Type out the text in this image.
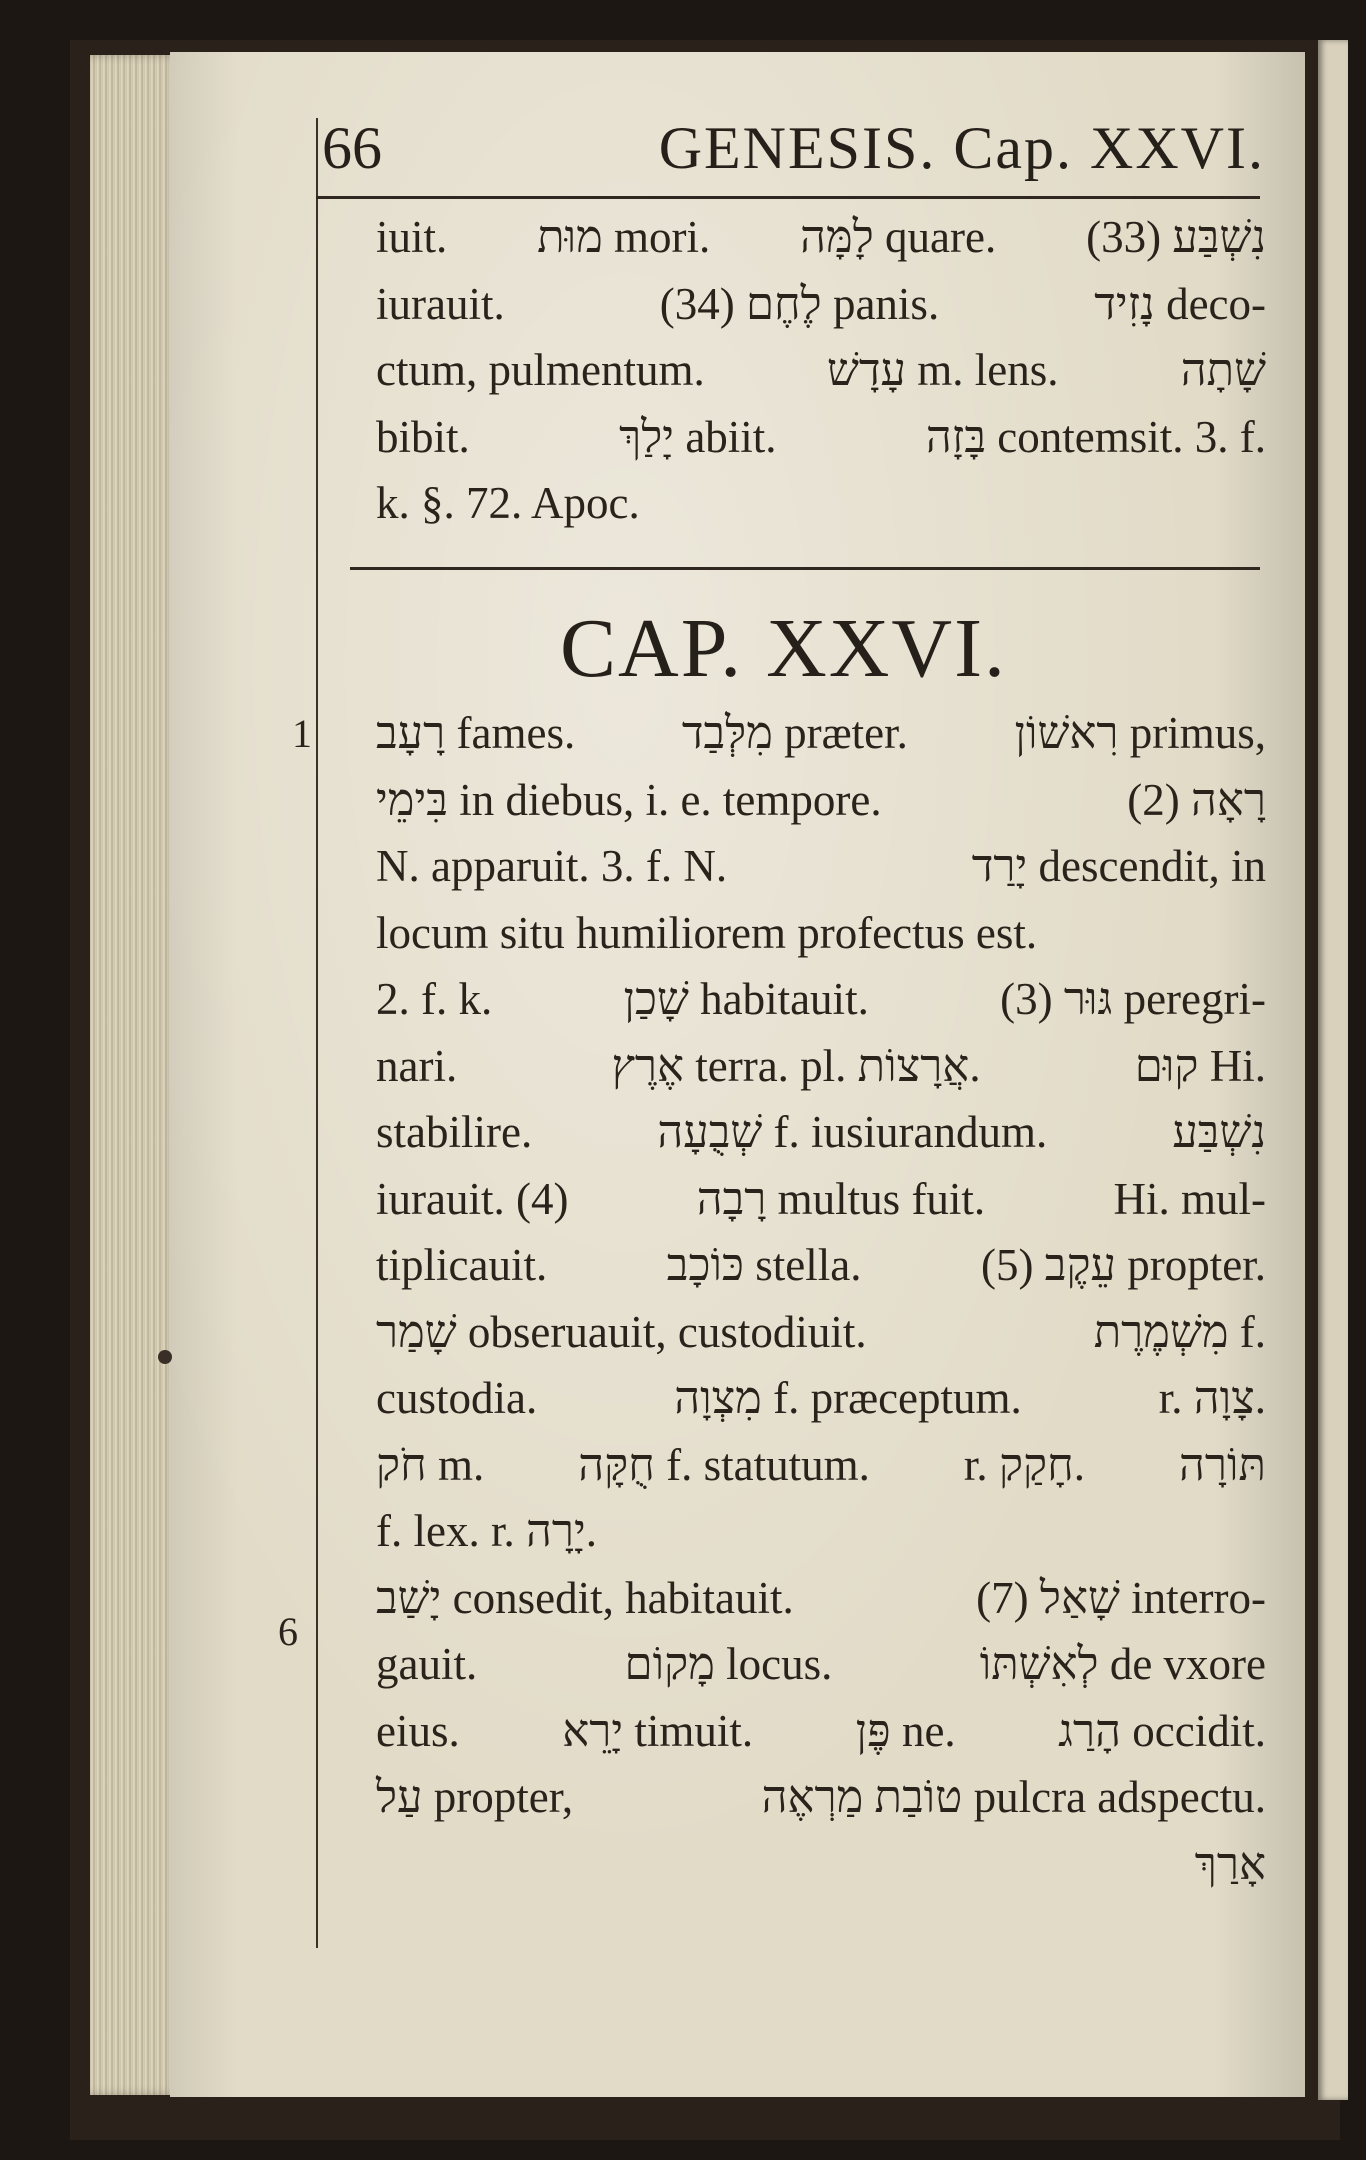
66	GENESIS. Cap. XXVI.
iuit. מוּת mori. לָמָּה quare. (33) נִשְׁבַּע
iurauit.	(34) לֶחֶם panis.	נָזִיד deco-
ctum, pulmentum.	עָדָשׁ m. lens.	שָׁתָה
bibit.	יָלַךְ abiit.	בָּזָה contemsit. 3. f.
k. §. 72. Apoc.
CAP. XXVI.
1
6
רָעָב fames. מִלְּבַד præter. רִאשׁוֹן primus,
בִּימֵי in diebus, i. e. tempore.	(2) רָאָה
N. apparuit. 3. f. N.	יָרַד descendit, in
locum situ humiliorem profectus est.
2. f. k.	שָׁכַן habitauit.	(3) גּוּר peregri-
nari.	אֶרֶץ terra. pl. אֲרָצוֹת.	קוּם Hi.
stabilire.	שְׁבֻעָה f. iusiurandum.	נִשְׁבַּע
iurauit. (4)	רָבָה multus fuit.	Hi. mul-
tiplicauit.	כּוֹכָב stella.	(5) עֵקֶב propter.
שָׁמַר obseruauit, custodiuit.	מִשְׁמֶרֶת f.
custodia.	מִצְוָה f. præceptum.	r. צָוָה.
חֹק m. חֻקָּה f. statutum. r. חָקַק. תּוֹרָה
f. lex. r. יָרָה.
יָשַׁב consedit, habitauit.	(7) שָׁאַל interro-
gauit.	מָקוֹם locus.	לְאִשְׁתּוֹ de vxore
eius. יָרֵא timuit. פֶּן ne. הָרַג occidit.
עַל propter,	טוֹבַת מַרְאֶה pulcra adspectu.
אָרַךְ
